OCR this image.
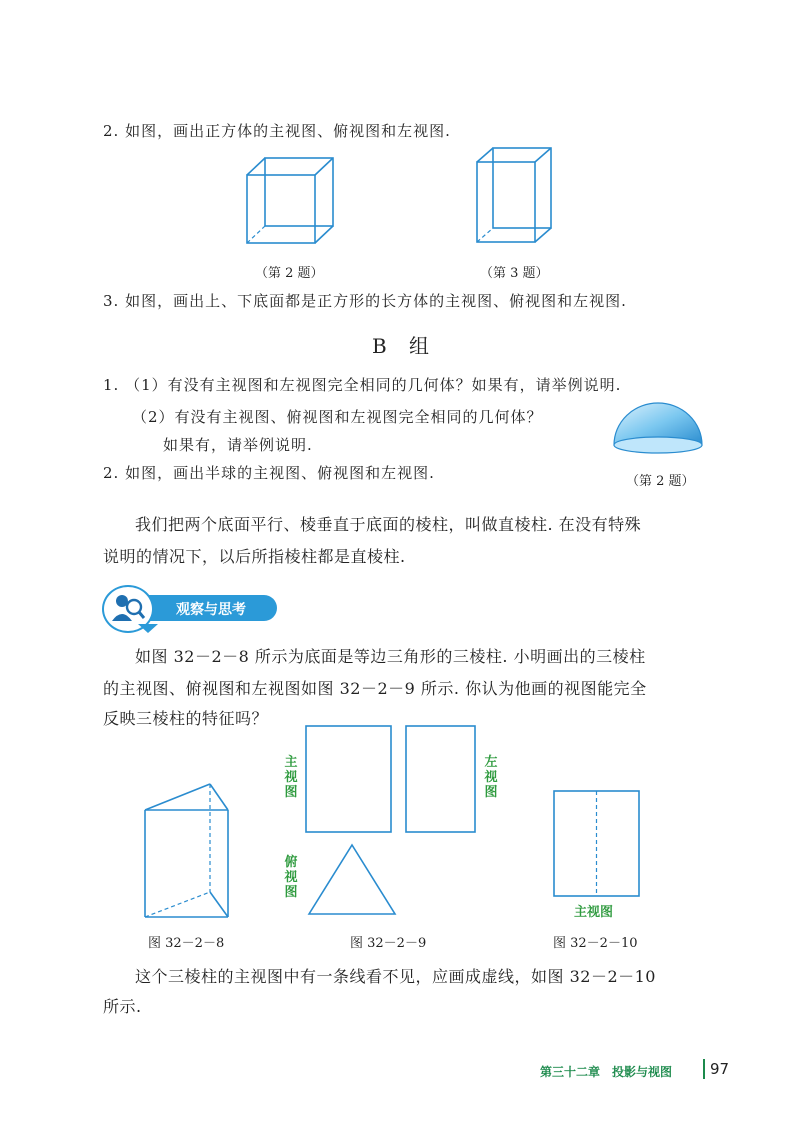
2. 如图，画出正方体的主视图、俯视图和左视图.
（第 2 题）	（第 3 题）
3. 如图，画出上、下底面都是正方形的长方体的主视图、俯视图和左视图.
B 组
1. （1）有没有主视图和左视图完全相同的几何体？如果有，请举例说明.
（2）有没有主视图、俯视图和左视图完全相同的几何体？
如果有，请举例说明.
2. 如图，画出半球的主视图、俯视图和左视图.	（第 2 题）
我们把两个底面平行、棱垂直于底面的棱柱，叫做直棱柱. 在没有特殊
说明的情况下，以后所指棱柱都是直棱柱.
观察与思考
如图 32－2－8 所示为底面是等边三角形的三棱柱. 小明画出的三棱柱
的主视图、俯视图和左视图如图 32－2－9 所示. 你认为他画的视图能完全
反映三棱柱的特征吗？
图 32－2－8
主视图
左视图
俯视图
图 32－2－9
主视图
图 32－2－10
这个三棱柱的主视图中有一条线看不见，应画成虚线，如图 32－2－10
所示.
第三十二章　投影与视图	97
